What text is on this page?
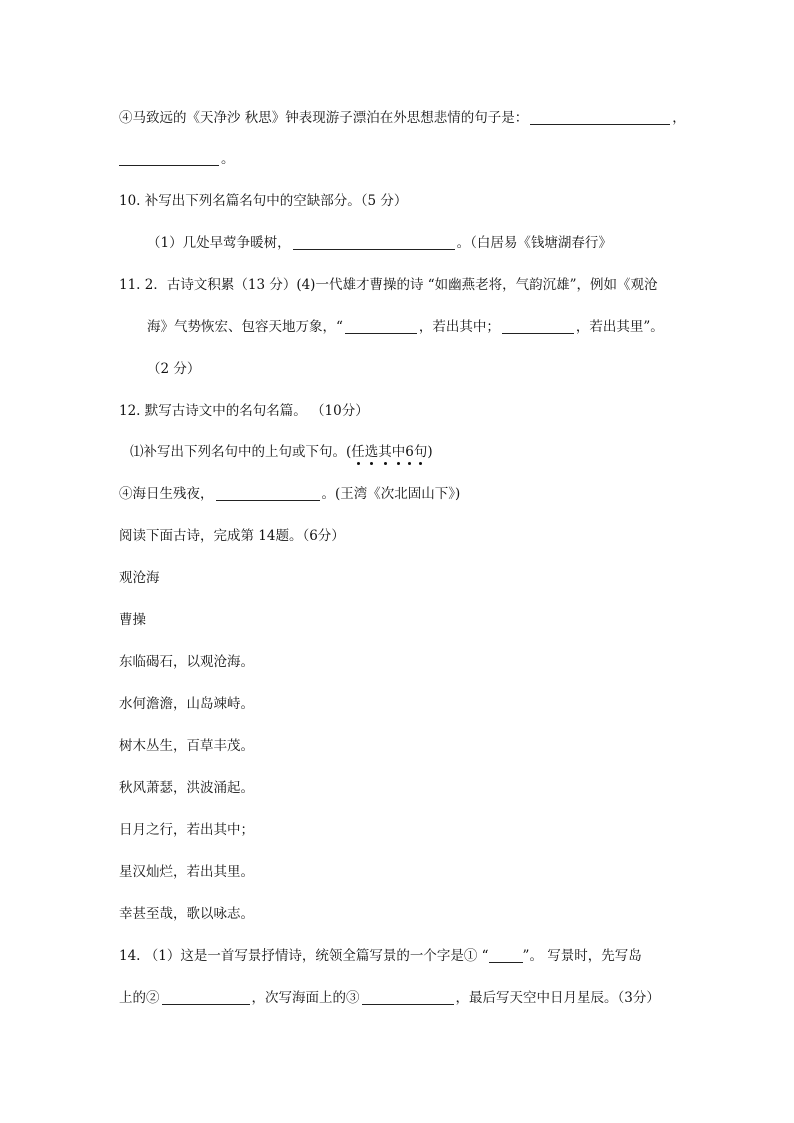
④马致远的《天净沙 秋思》钟表现游子漂泊在外思想悲情的句子是：	，
。
10. 补写出下列名篇名句中的空缺部分。（5 分）
（1）几处早莺争暖树，	。（白居易《钱塘湖春行》
11. 2．古诗文积累（13 分）(4)一代雄才曹操的诗 “如幽燕老将，气韵沉雄”，例如《观沧
海》气势恢宏、包容天地万象，“	，若出其中；	，若出其里”。
（2 分）
12. 默写古诗文中的名句名篇。 （10分）
⑴补写出下列名句中的上句或下句。(任选其中6句)
④海日生残夜，	。(王湾《次北固山下》)
阅读下面古诗，完成第 14题。（6分）
观沧海
曹操
东临碣石，以观沧海。
水何澹澹，山岛竦峙。
树木丛生，百草丰茂。
秋风萧瑟，洪波涌起。
日月之行，若出其中；
星汉灿烂，若出其里。
幸甚至哉，歌以咏志。
14. （1）这是一首写景抒情诗，统领全篇写景的一个字是① “	”。 写景时，先写岛
上的②	，次写海面上的③	，最后写天空中日月星辰。（3分）
